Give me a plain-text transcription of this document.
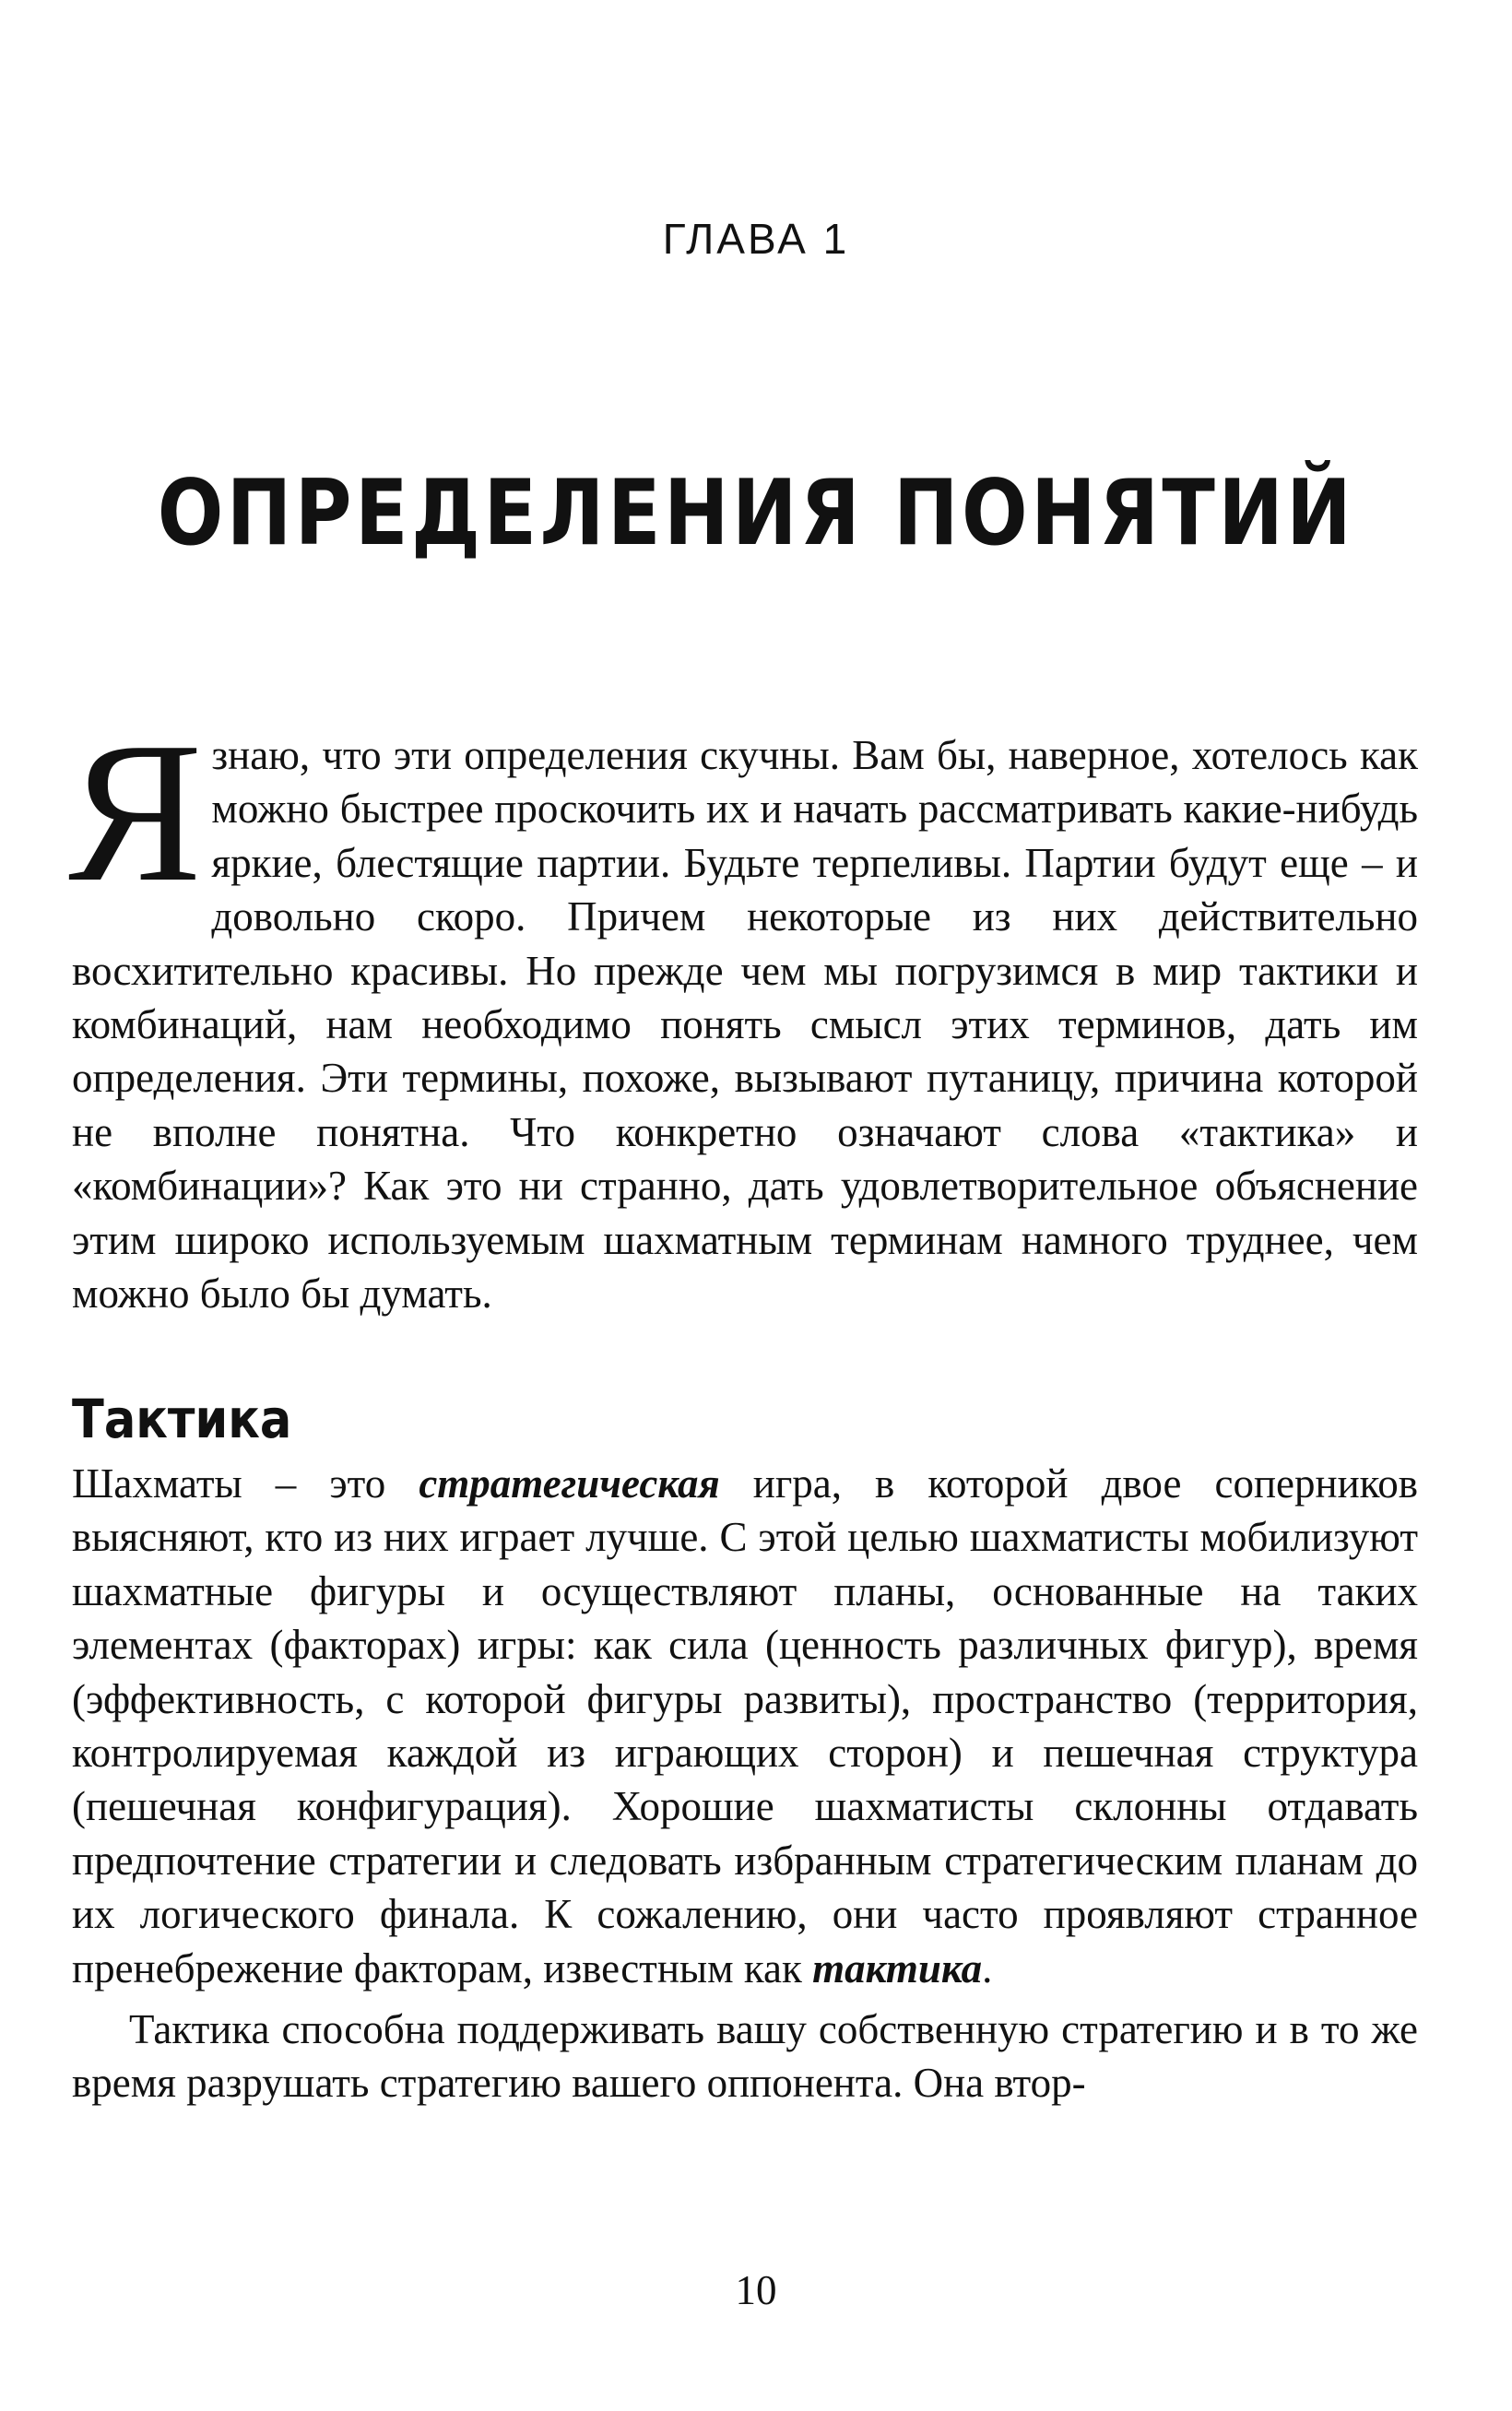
ГЛАВА 1
ОПРЕДЕЛЕНИЯ ПОНЯТИЙ
Я знаю, что эти определения скучны. Вам бы, наверное, хотелось как можно быстрее проскочить их и начать рассматривать какие-нибудь яркие, блестящие партии. Будьте терпеливы. Партии будут еще – и довольно скоро. Причем некоторые из них действительно восхитительно красивы. Но прежде чем мы погрузимся в мир тактики и комбинаций, нам необходимо понять смысл этих терминов, дать им определения. Эти термины, похоже, вызывают путаницу, причина которой не вполне понятна. Что конкретно означают слова «тактика» и «комбинации»? Как это ни странно, дать удовлетворительное объяснение этим широко используемым шахматным терминам намного труднее, чем можно было бы думать.
Тактика

Шахматы – это стратегическая игра, в которой двое соперников выясняют, кто из них играет лучше. С этой целью шахматисты мобилизуют шахматные фигуры и осуществляют планы, основанные на таких элементах (факторах) игры: как сила (ценность различных фигур), время (эффективность, с которой фигуры развиты), пространство (территория, контролируемая каждой из играющих сторон) и пешечная структура (пешечная конфигурация). Хорошие шахматисты склонны отдавать предпочтение стратегии и следовать избранным стратегическим планам до их логического финала. К сожалению, они часто проявляют странное пренебрежение факторам, известным как тактика.

Тактика способна поддерживать вашу собственную стратегию и в то же время разрушать стратегию вашего оппонента. Она втор-

10
